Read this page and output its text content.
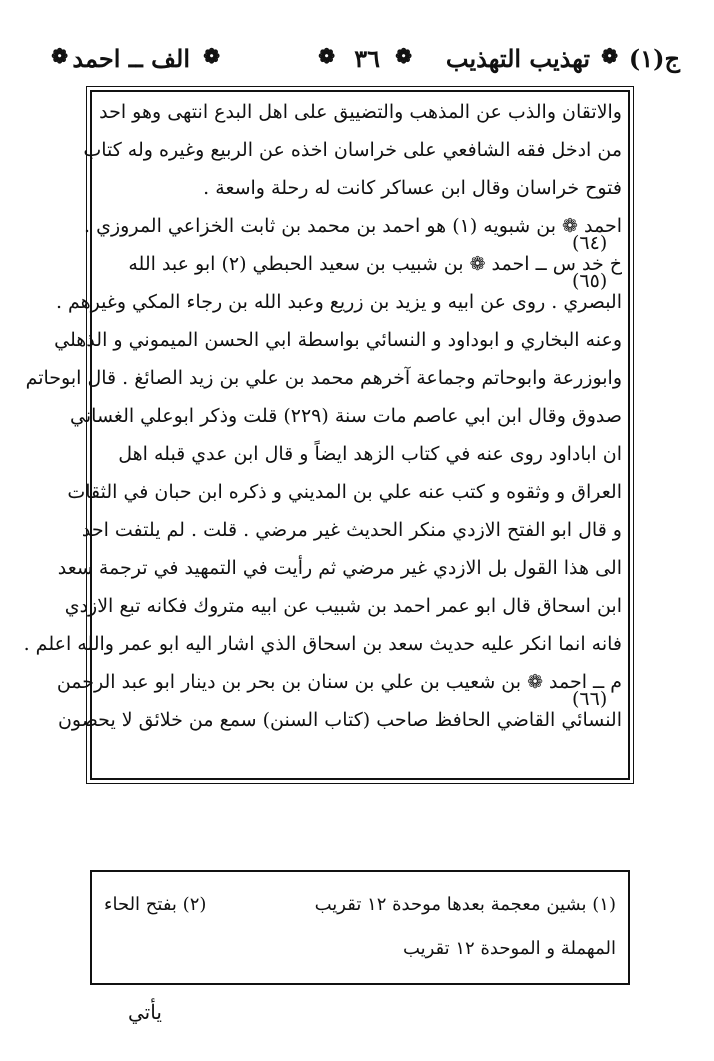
ج(١)
❁
تهذيب التهذيب
❁
٣٦
❁
❁
الف ــ احمد
❁
والاتقان والذب عن المذهب والتضييق على اهل البدع انتهى وهو احد
من ادخل فقه الشافعي على خراسان اخذه عن الربيع وغيره وله كتاب
فتوح خراسان وقال ابن عساكر كانت له رحلة واسعة .
احمد ❁ بن شبويه (١) هو احمد بن محمد بن ثابت الخزاعي المروزي .
خ خد س ــ احمد ❁ بن شبيب بن سعيد الحبطي (٢) ابو عبد الله
البصري . روى عن ابيه و يزيد بن زريع وعبد الله بن رجاء المكي وغيرهم .
وعنه البخاري و ابوداود و النسائي بواسطة ابي الحسن الميموني و الذهلي
وابوزرعة وابوحاتم وجماعة آخرهم محمد بن علي بن زيد الصائغ . قال ابوحاتم
صدوق وقال ابن ابي عاصم مات سنة (٢٢٩) قلت وذكر ابوعلي الغساني
ان اباداود روى عنه في كتاب الزهد ايضاً و قال ابن عدي قبله اهل
العراق و وثقوه و كتب عنه علي بن المديني و ذكره ابن حبان في الثقات
و قال ابو الفتح الازدي منكر الحديث غير مرضي . قلت . لم يلتفت احد
الى هذا القول بل الازدي غير مرضي ثم رأيت في التمهيد في ترجمة سعد
ابن اسحاق قال ابو عمر احمد بن شبيب عن ابيه متروك فكانه تبع الازدي
فانه انما انكر عليه حديث سعد بن اسحاق الذي اشار اليه ابو عمر والله اعلم .
م ــ احمد ❁ بن شعيب بن علي بن سنان بن بحر بن دينار ابو عبد الرحمن
النسائي القاضي الحافظ صاحب (كتاب السنن) سمع من خلائق لا يحصون
(٦٤)
(٦٥)
(٦٦)
(١) بشين معجمة بعدها موحدة ١٢ تقريب
(٢) بفتح الحاء
المهملة و الموحدة ١٢ تقريب
يأتي
